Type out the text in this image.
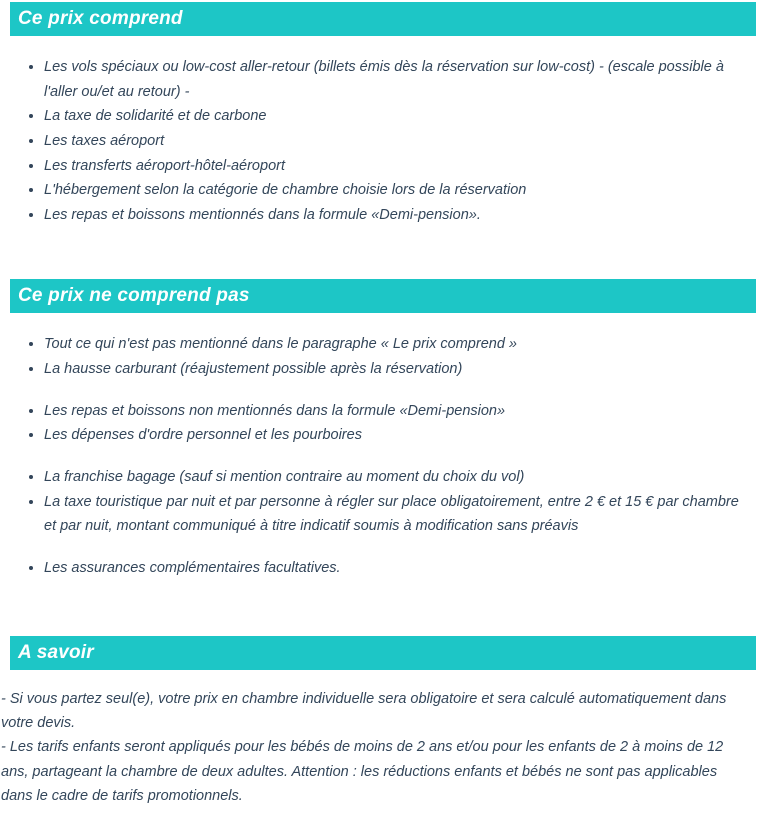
Ce prix comprend
• Les vols spéciaux ou low-cost aller-retour (billets émis dès la réservation sur low-cost) - (escale possible à l'aller ou/et au retour) -
• La taxe de solidarité et de carbone
• Les taxes aéroport
• Les transferts aéroport-hôtel-aéroport
• L'hébergement selon la catégorie de chambre choisie lors de la réservation
• Les repas et boissons mentionnés dans la formule «Demi-pension».
Ce prix ne comprend pas
• Tout ce qui n'est pas mentionné dans le paragraphe « Le prix comprend »
• La hausse carburant (réajustement possible après la réservation)
• Les repas et boissons non mentionnés dans la formule «Demi-pension»
• Les dépenses d'ordre personnel et les pourboires
• La franchise bagage (sauf si mention contraire au moment du choix du vol)
• La taxe touristique par nuit et par personne à régler sur place obligatoirement, entre 2 € et 15 € par chambre et par nuit, montant communiqué à titre indicatif soumis à modification sans préavis
• Les assurances complémentaires facultatives.
A savoir

- Si vous partez seul(e), votre prix en chambre individuelle sera obligatoire et sera calculé automatiquement dans votre devis.

- Les tarifs enfants seront appliqués pour les bébés de moins de 2 ans et/ou pour les enfants de 2 à moins de 12 ans, partageant la chambre de deux adultes. Attention : les réductions enfants et bébés ne sont pas applicables dans le cadre de tarifs promotionnels.
